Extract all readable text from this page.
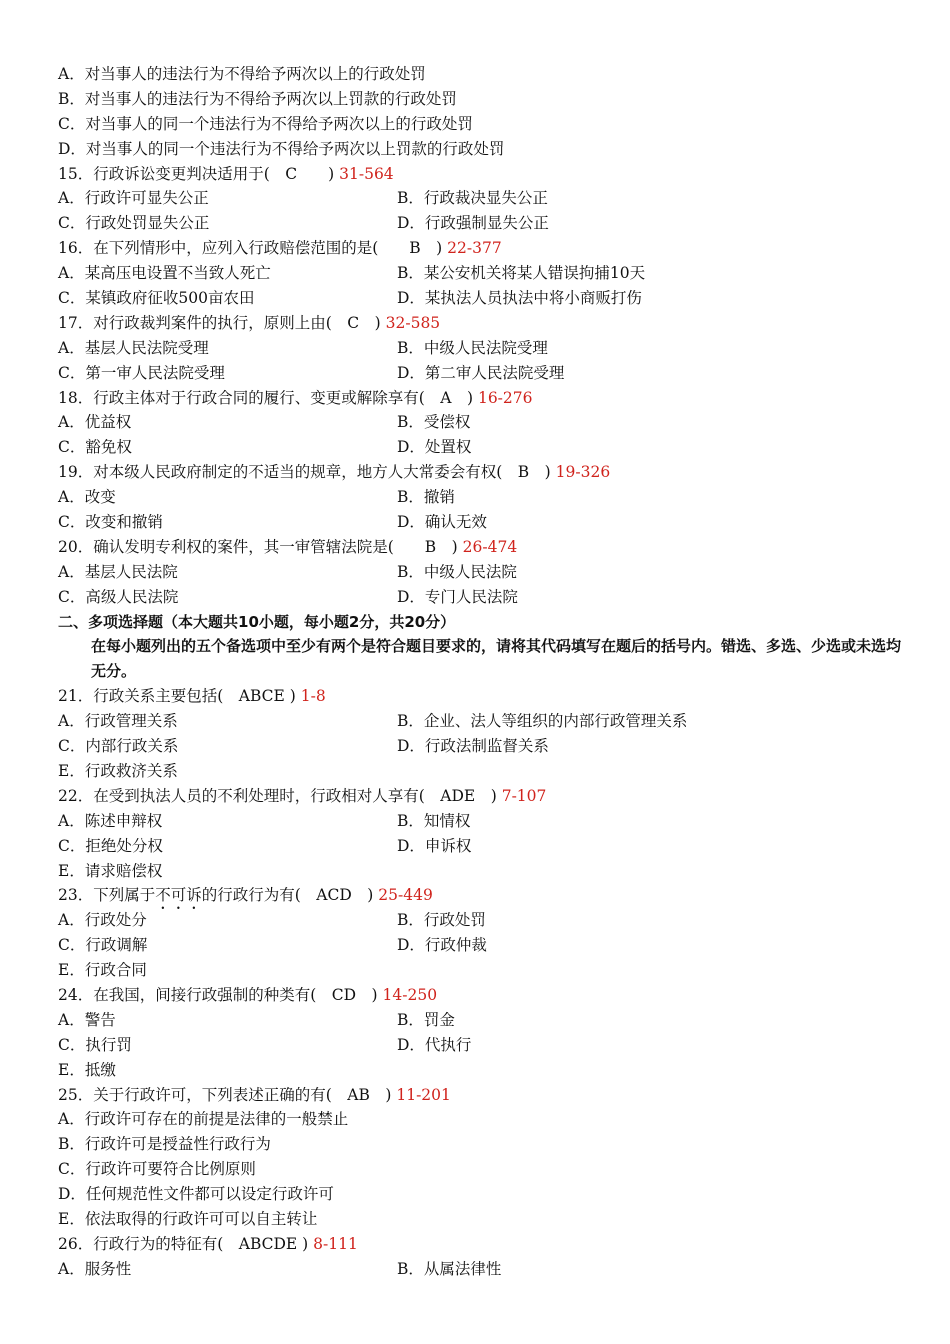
A．对当事人的违法行为不得给予两次以上的行政处罚
B．对当事人的违法行为不得给予两次以上罚款的行政处罚
C．对当事人的同一个违法行为不得给予两次以上的行政处罚
D．对当事人的同一个违法行为不得给予两次以上罚款的行政处罚
15．行政诉讼变更判决适用于(　C　　) 31-564
A．行政许可显失公正	B．行政裁决显失公正
C．行政处罚显失公正	D．行政强制显失公正
16．在下列情形中，应列入行政赔偿范围的是(　　B　) 22-377
A．某高压电设置不当致人死亡	B．某公安机关将某人错误拘捕10天
C．某镇政府征收500亩农田	D．某执法人员执法中将小商贩打伤
17．对行政裁判案件的执行，原则上由(　C　) 32-585
A．基层人民法院受理	B．中级人民法院受理
C．第一审人民法院受理	D．第二审人民法院受理
18．行政主体对于行政合同的履行、变更或解除享有(　A　) 16-276
A．优益权	B．受偿权
C．豁免权	D．处置权
19．对本级人民政府制定的不适当的规章，地方人大常委会有权(　B　) 19-326
A．改变	B．撤销
C．改变和撤销	D．确认无效
20．确认发明专利权的案件，其一审管辖法院是(　　B　) 26-474
A．基层人民法院	B．中级人民法院
C．高级人民法院	D．专门人民法院
二、多项选择题（本大题共10小题，每小题2分，共20分）
在每小题列出的五个备选项中至少有两个是符合题目要求的，请将其代码填写在题后的括号内。错选、多选、少选或未选均无分。
21．行政关系主要包括(　ABCE ) 1-8
A．行政管理关系	B．企业、法人等组织的内部行政管理关系
C．内部行政关系	D．行政法制监督关系
E．行政救济关系
22．在受到执法人员的不利处理时，行政相对人享有(　ADE　) 7-107
A．陈述申辩权	B．知情权
C．拒绝处分权	D．申诉权
E．请求赔偿权
23．下列属于不可诉的行政行为有(　ACD　) 25-449
A．行政处分	B．行政处罚
C．行政调解	D．行政仲裁
E．行政合同
24．在我国，间接行政强制的种类有(　CD　) 14-250
A．警告	B．罚金
C．执行罚	D．代执行
E．抵缴
25．关于行政许可，下列表述正确的有(　AB　) 11-201
A．行政许可存在的前提是法律的一般禁止
B．行政许可是授益性行政行为
C．行政许可要符合比例原则
D．任何规范性文件都可以设定行政许可
E．依法取得的行政许可可以自主转让
26．行政行为的特征有(　ABCDE ) 8-111
A．服务性	B．从属法律性
